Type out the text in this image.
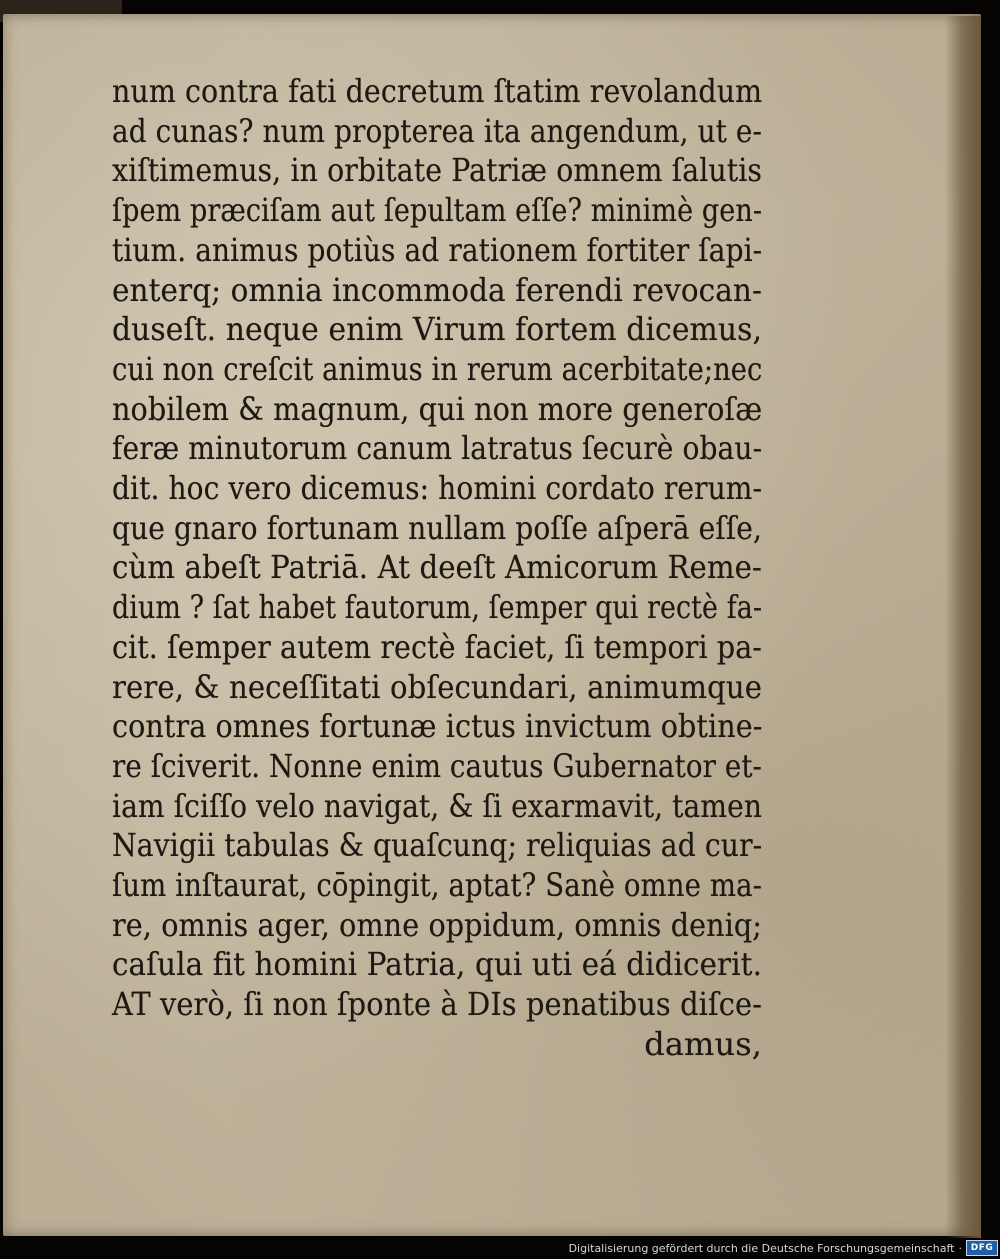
num contra fati decretum ſtatim revolandum
ad cunas? num propterea ita angendum, ut e-
xiſtimemus, in orbitate Patriæ omnem ſalutis
ſpem præciſam aut ſepultam eſſe? minimè gen-
tium. animus potiùs ad rationem fortiter ſapi-
enterq; omnia incommoda ferendi revocan-
duseſt. neque enim Virum fortem dicemus,
cui non creſcit animus in rerum acerbitate;nec
nobilem & magnum, qui non more generoſæ
feræ minutorum canum latratus ſecurè obau-
dit. hoc vero dicemus: homini cordato rerum-
que gnaro fortunam nullam poſſe aſperā eſſe,
cùm abeſt Patriā. At deeſt Amicorum Reme-
dium ? ſat habet fautorum, ſemper qui rectè fa-
cit. ſemper autem rectè faciet, ſi tempori pa-
rere, & neceſſitati obſecundari, animumque
contra omnes fortunæ ictus invictum obtine-
re ſciverit. Nonne enim cautus Gubernator et-
iam ſciſſo velo navigat, & ſi exarmavit, tamen
Navigii tabulas & quaſcunq; reliquias ad cur-
ſum inſtaurat, cōpingit, aptat? Sanè omne ma-
re, omnis ager, omne oppidum, omnis deniq;
caſula fit homini Patria, qui uti eá didicerit.
AT verò, ſi non ſponte à DIs penatibus diſce-
damus,
Digitalisierung gefördert durch die Deutsche Forschungsgemeinschaft · DFG
